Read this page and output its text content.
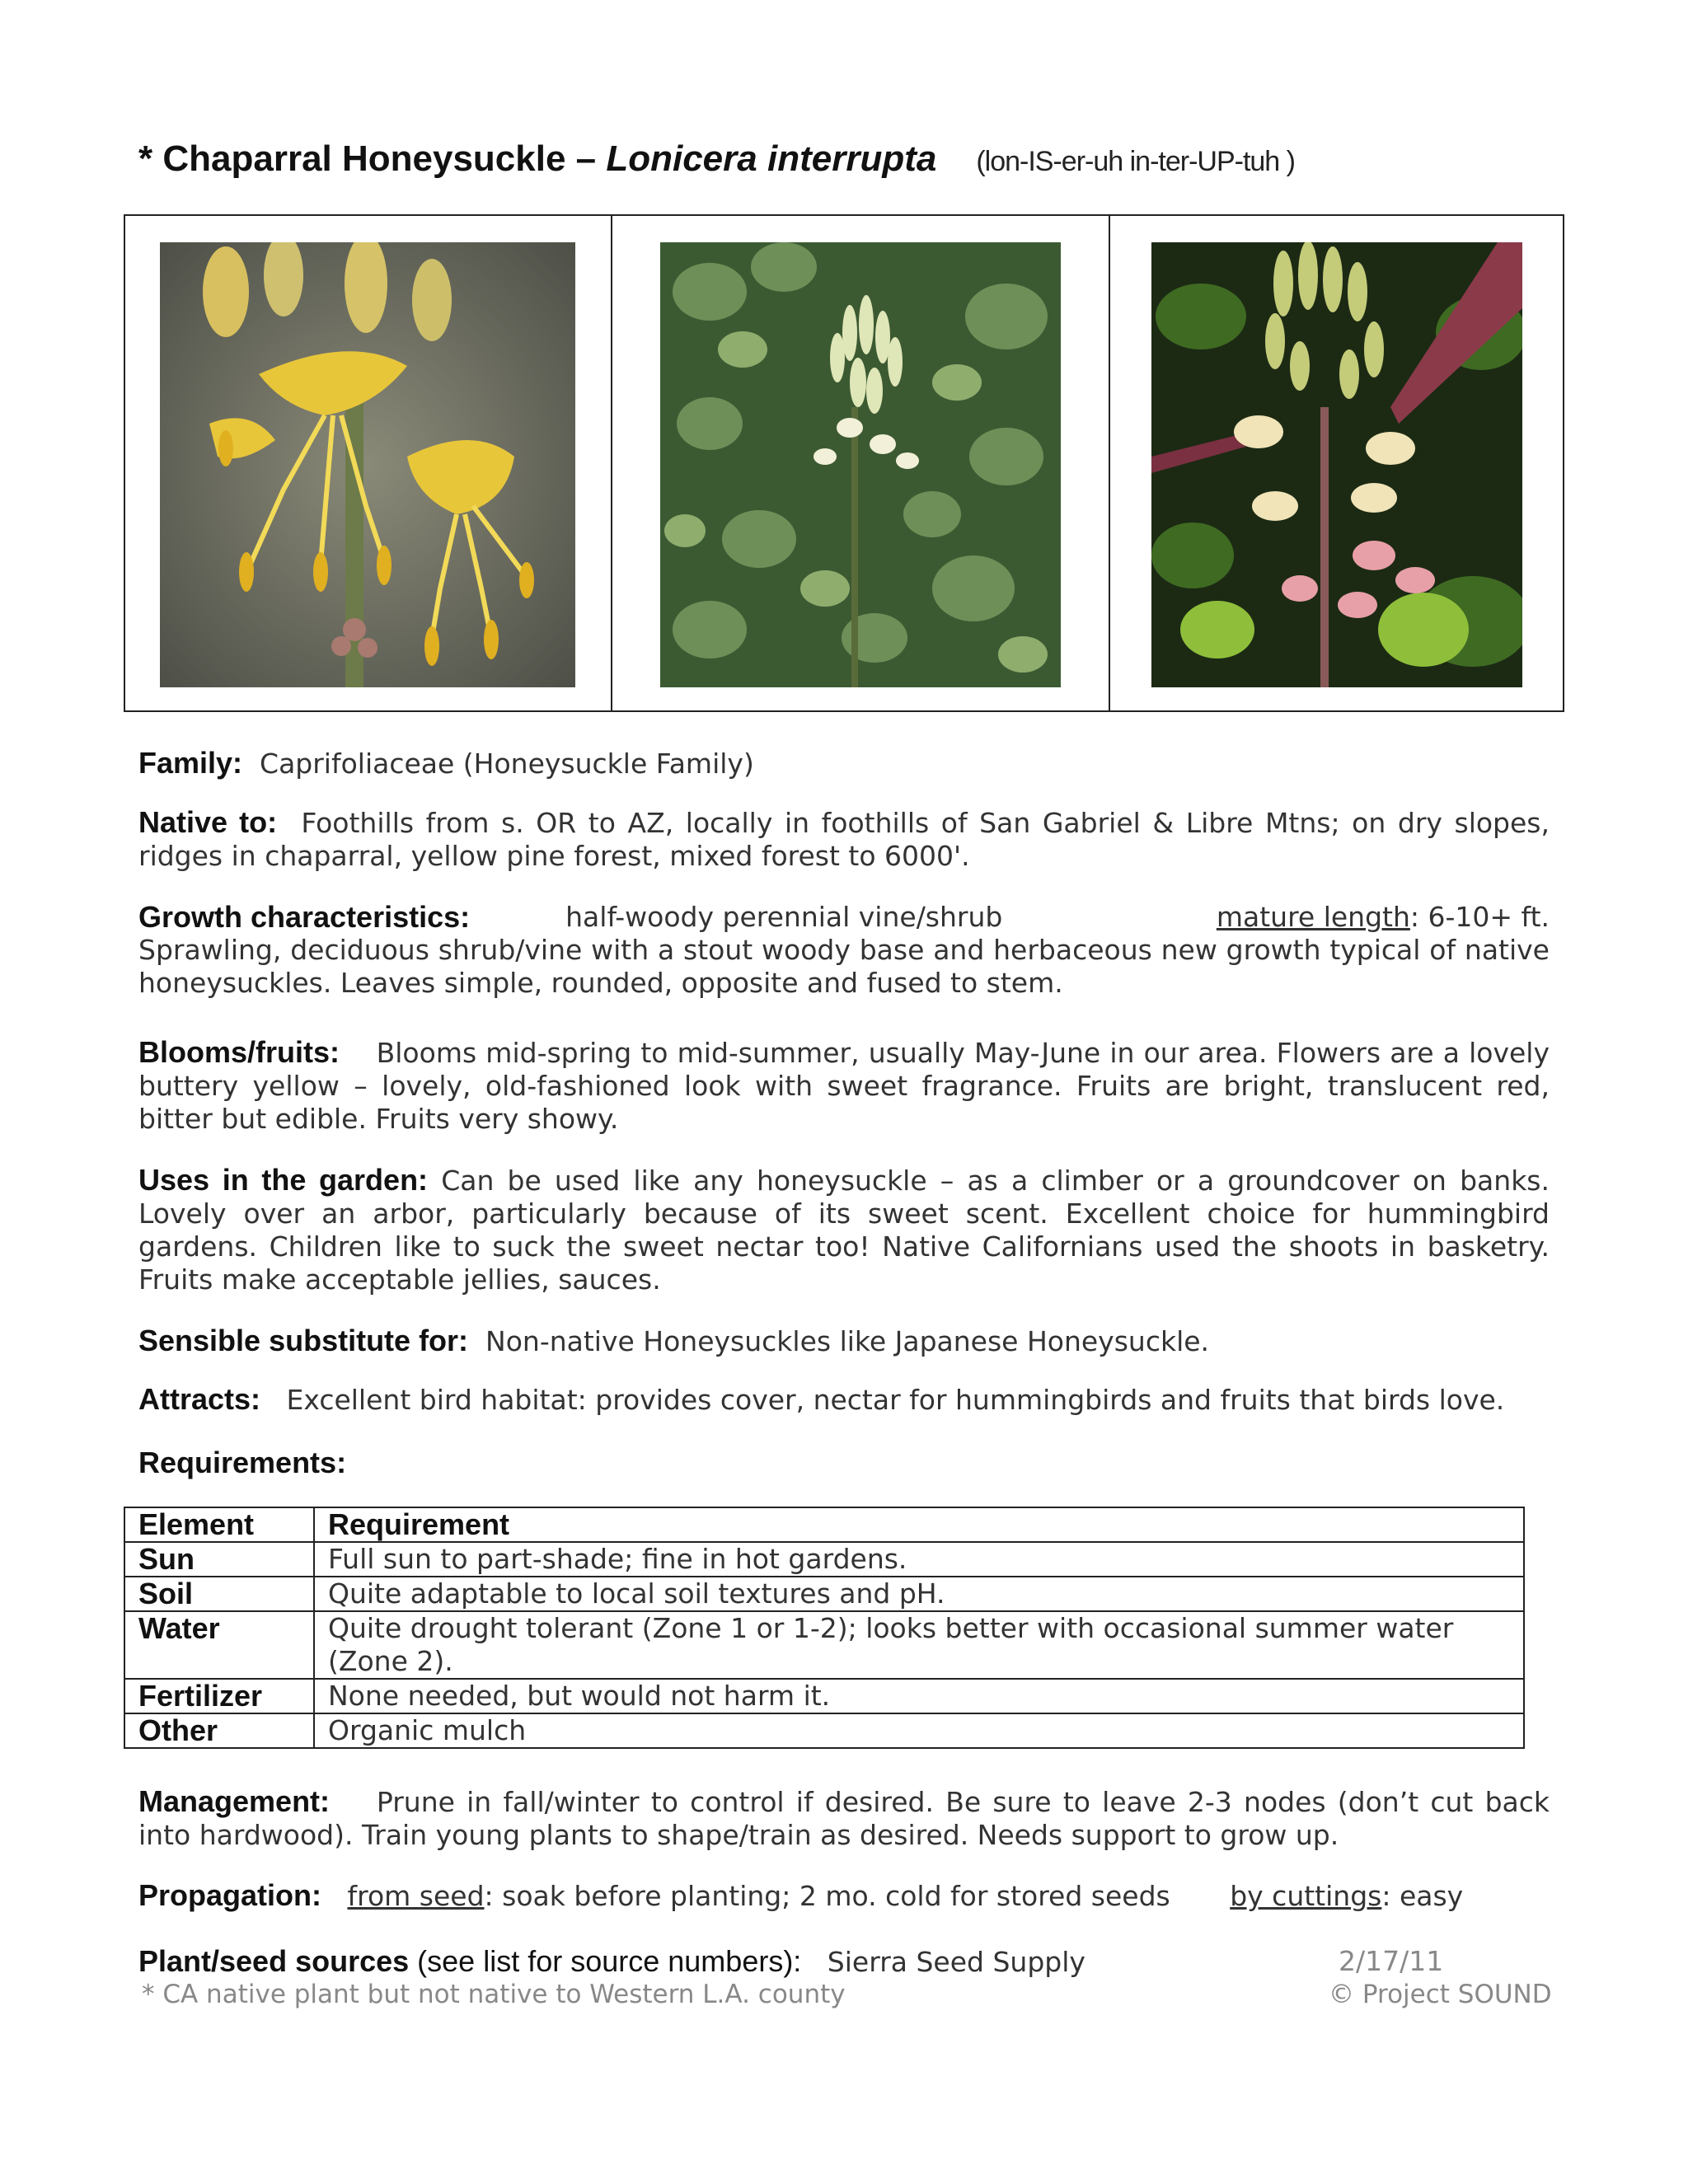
* Chaparral Honeysuckle – Lonicera interrupta (lon-IS-er-uh in-ter-UP-tuh )
Family: Caprifoliaceae (Honeysuckle Family)
Native to: Foothills from s. OR to AZ, locally in foothills of San Gabriel & Libre Mtns; on dry slopes, ridges in chaparral, yellow pine forest, mixed forest to 6000'.
Growth characteristics:	half-woody perennial vine/shrub	mature length: 6-10+ ft.
Sprawling, deciduous shrub/vine with a stout woody base and herbaceous new growth typical of native honeysuckles. Leaves simple, rounded, opposite and fused to stem.
Blooms/fruits: Blooms mid-spring to mid-summer, usually May-June in our area. Flowers are a lovely buttery yellow – lovely, old-fashioned look with sweet fragrance. Fruits are bright, translucent red, bitter but edible. Fruits very showy.
Uses in the garden: Can be used like any honeysuckle – as a climber or a groundcover on banks. Lovely over an arbor, particularly because of its sweet scent. Excellent choice for hummingbird gardens. Children like to suck the sweet nectar too! Native Californians used the shoots in basketry. Fruits make acceptable jellies, sauces.
Sensible substitute for: Non-native Honeysuckles like Japanese Honeysuckle.
Attracts: Excellent bird habitat: provides cover, nectar for hummingbirds and fruits that birds love.
Requirements:
Element	Requirement
Sun	Full sun to part-shade; fine in hot gardens.
Soil	Quite adaptable to local soil textures and pH.
Water	Quite drought tolerant (Zone 1 or 1-2); looks better with occasional summer water (Zone 2).
Fertilizer	None needed, but would not harm it.
Other	Organic mulch
Management: Prune in fall/winter to control if desired. Be sure to leave 2-3 nodes (don’t cut back into hardwood). Train young plants to shape/train as desired. Needs support to grow up.
Propagation: from seed: soak before planting; 2 mo. cold for stored seeds by cuttings: easy
Plant/seed sources (see list for source numbers): Sierra Seed Supply	2/17/11
* CA native plant but not native to Western L.A. county	© Project SOUND
